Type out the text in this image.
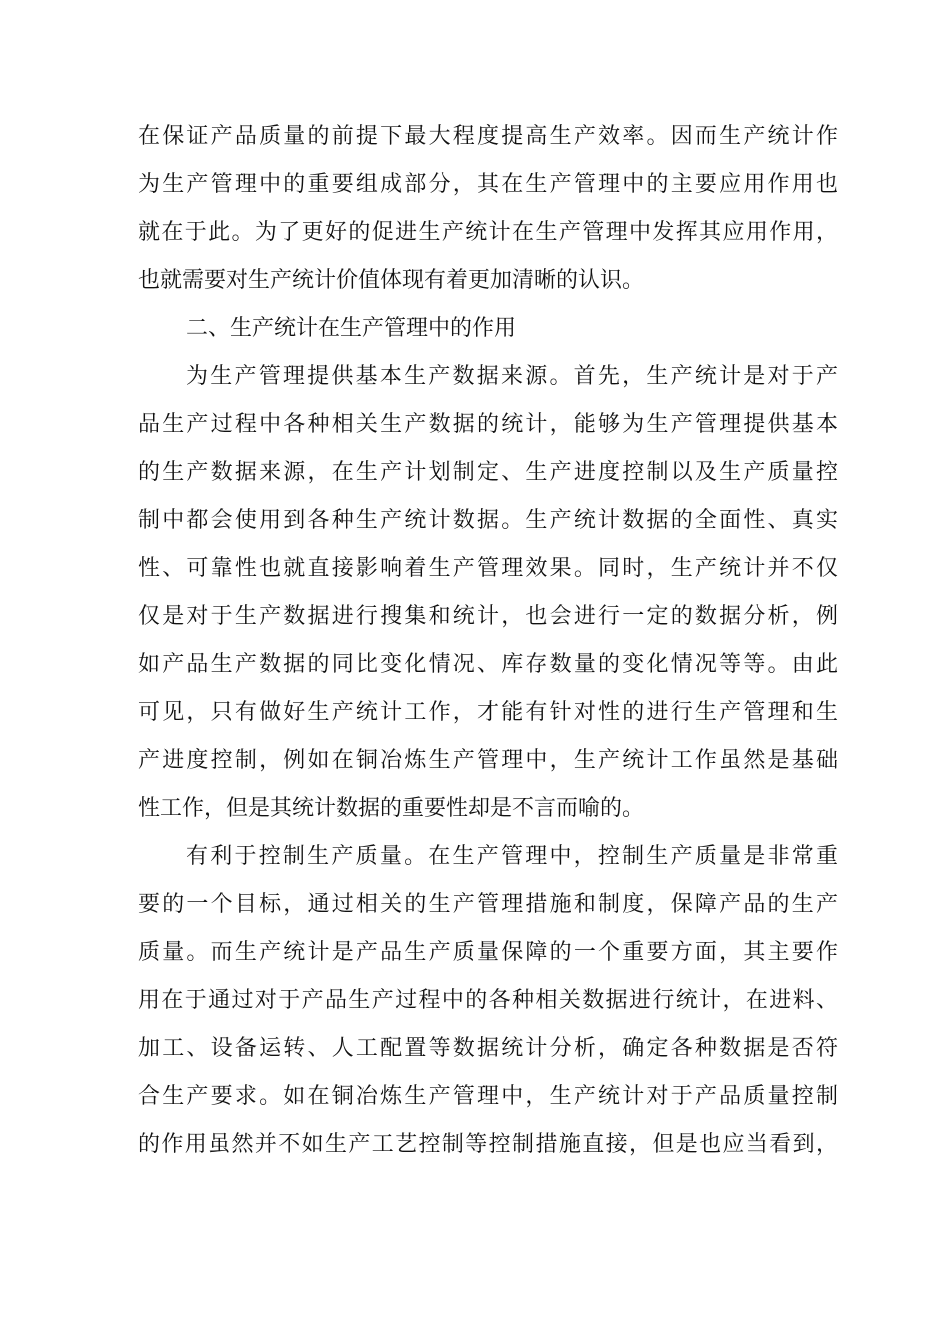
在保证产品质量的前提下最大程度提高生产效率。因而生产统计作

为生产管理中的重要组成部分，其在生产管理中的主要应用作用也

就在于此。为了更好的促进生产统计在生产管理中发挥其应用作用，

也就需要对生产统计价值体现有着更加清晰的认识。

二、生产统计在生产管理中的作用

为生产管理提供基本生产数据来源。首先，生产统计是对于产

品生产过程中各种相关生产数据的统计，能够为生产管理提供基本

的生产数据来源，在生产计划制定、生产进度控制以及生产质量控

制中都会使用到各种生产统计数据。生产统计数据的全面性、真实

性、可靠性也就直接影响着生产管理效果。同时，生产统计并不仅

仅是对于生产数据进行搜集和统计，也会进行一定的数据分析，例

如产品生产数据的同比变化情况、库存数量的变化情况等等。由此

可见，只有做好生产统计工作，才能有针对性的进行生产管理和生

产进度控制，例如在铜冶炼生产管理中，生产统计工作虽然是基础

性工作，但是其统计数据的重要性却是不言而喻的。

有利于控制生产质量。在生产管理中，控制生产质量是非常重

要的一个目标，通过相关的生产管理措施和制度，保障产品的生产

质量。而生产统计是产品生产质量保障的一个重要方面，其主要作

用在于通过对于产品生产过程中的各种相关数据进行统计，在进料、

加工、设备运转、人工配置等数据统计分析，确定各种数据是否符

合生产要求。如在铜冶炼生产管理中，生产统计对于产品质量控制

的作用虽然并不如生产工艺控制等控制措施直接，但是也应当看到，
